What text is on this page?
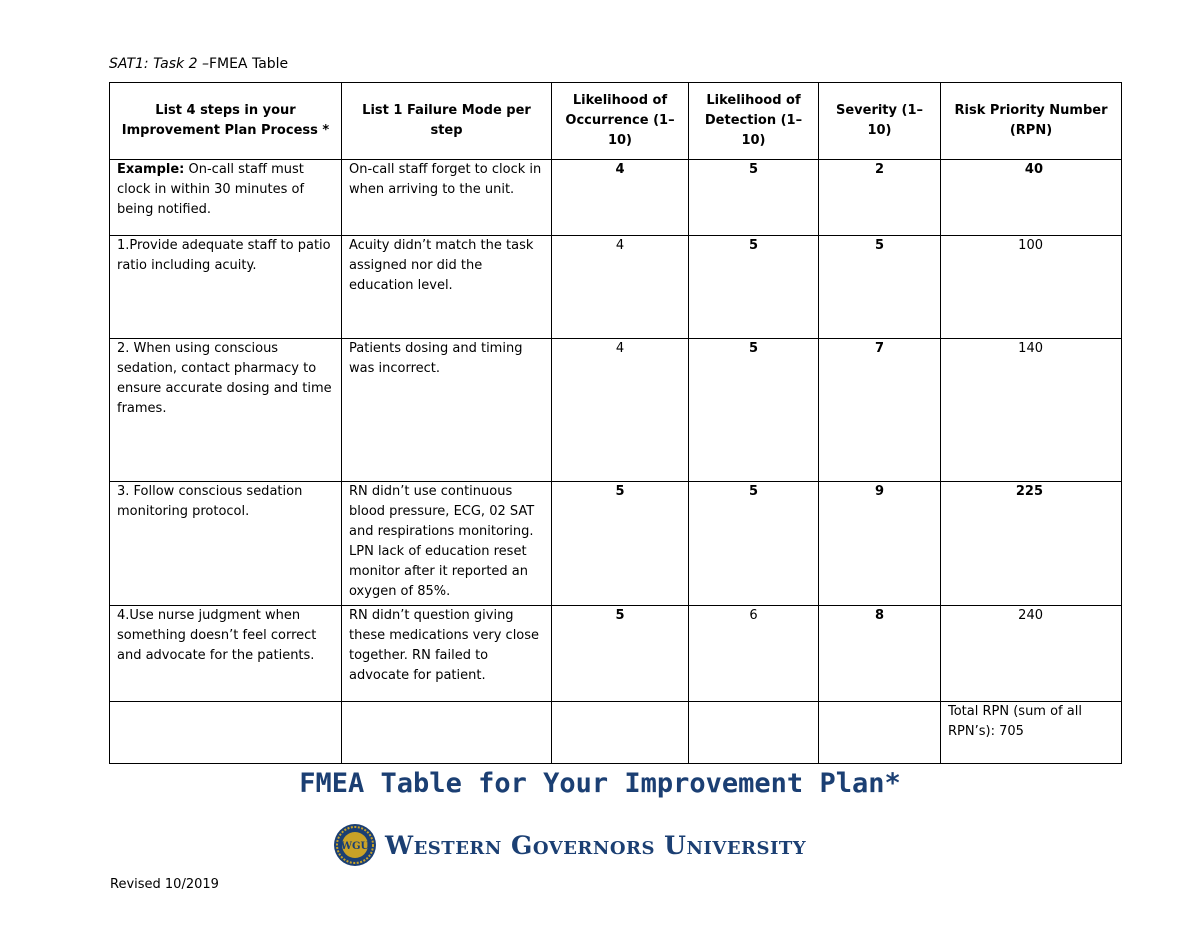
SAT1: Task 2 –FMEA Table
List 4 steps in your Improvement Plan Process *	List 1 Failure Mode per step	Likelihood of Occurrence (1–10)	Likelihood of Detection (1–10)	Severity (1–10)	Risk Priority Number (RPN)
Example: On-call staff must clock in within 30 minutes of being notified.	On-call staff forget to clock in when arriving to the unit.	4	5	2	40
1.Provide adequate staff to patio ratio including acuity.	Acuity didn’t match the task assigned nor did the education level.	4	5	5	100
2. When using conscious sedation, contact pharmacy to ensure accurate dosing and time frames.	Patients dosing and timing was incorrect.	4	5	7	140
3. Follow conscious sedation monitoring protocol.	RN didn’t use continuous blood pressure, ECG, 02 SAT and respirations monitoring. LPN lack of education reset monitor after it reported an oxygen of 85%.	5	5	9	225
4.Use nurse judgment when something doesn’t feel correct and advocate for the patients.	RN didn’t question giving these medications very close together. RN failed to advocate for patient.	5	6	8	240
					Total RPN (sum of all RPN’s): 705
FMEA Table for Your Improvement Plan*
WGU Western Governors University
Revised 10/2019
